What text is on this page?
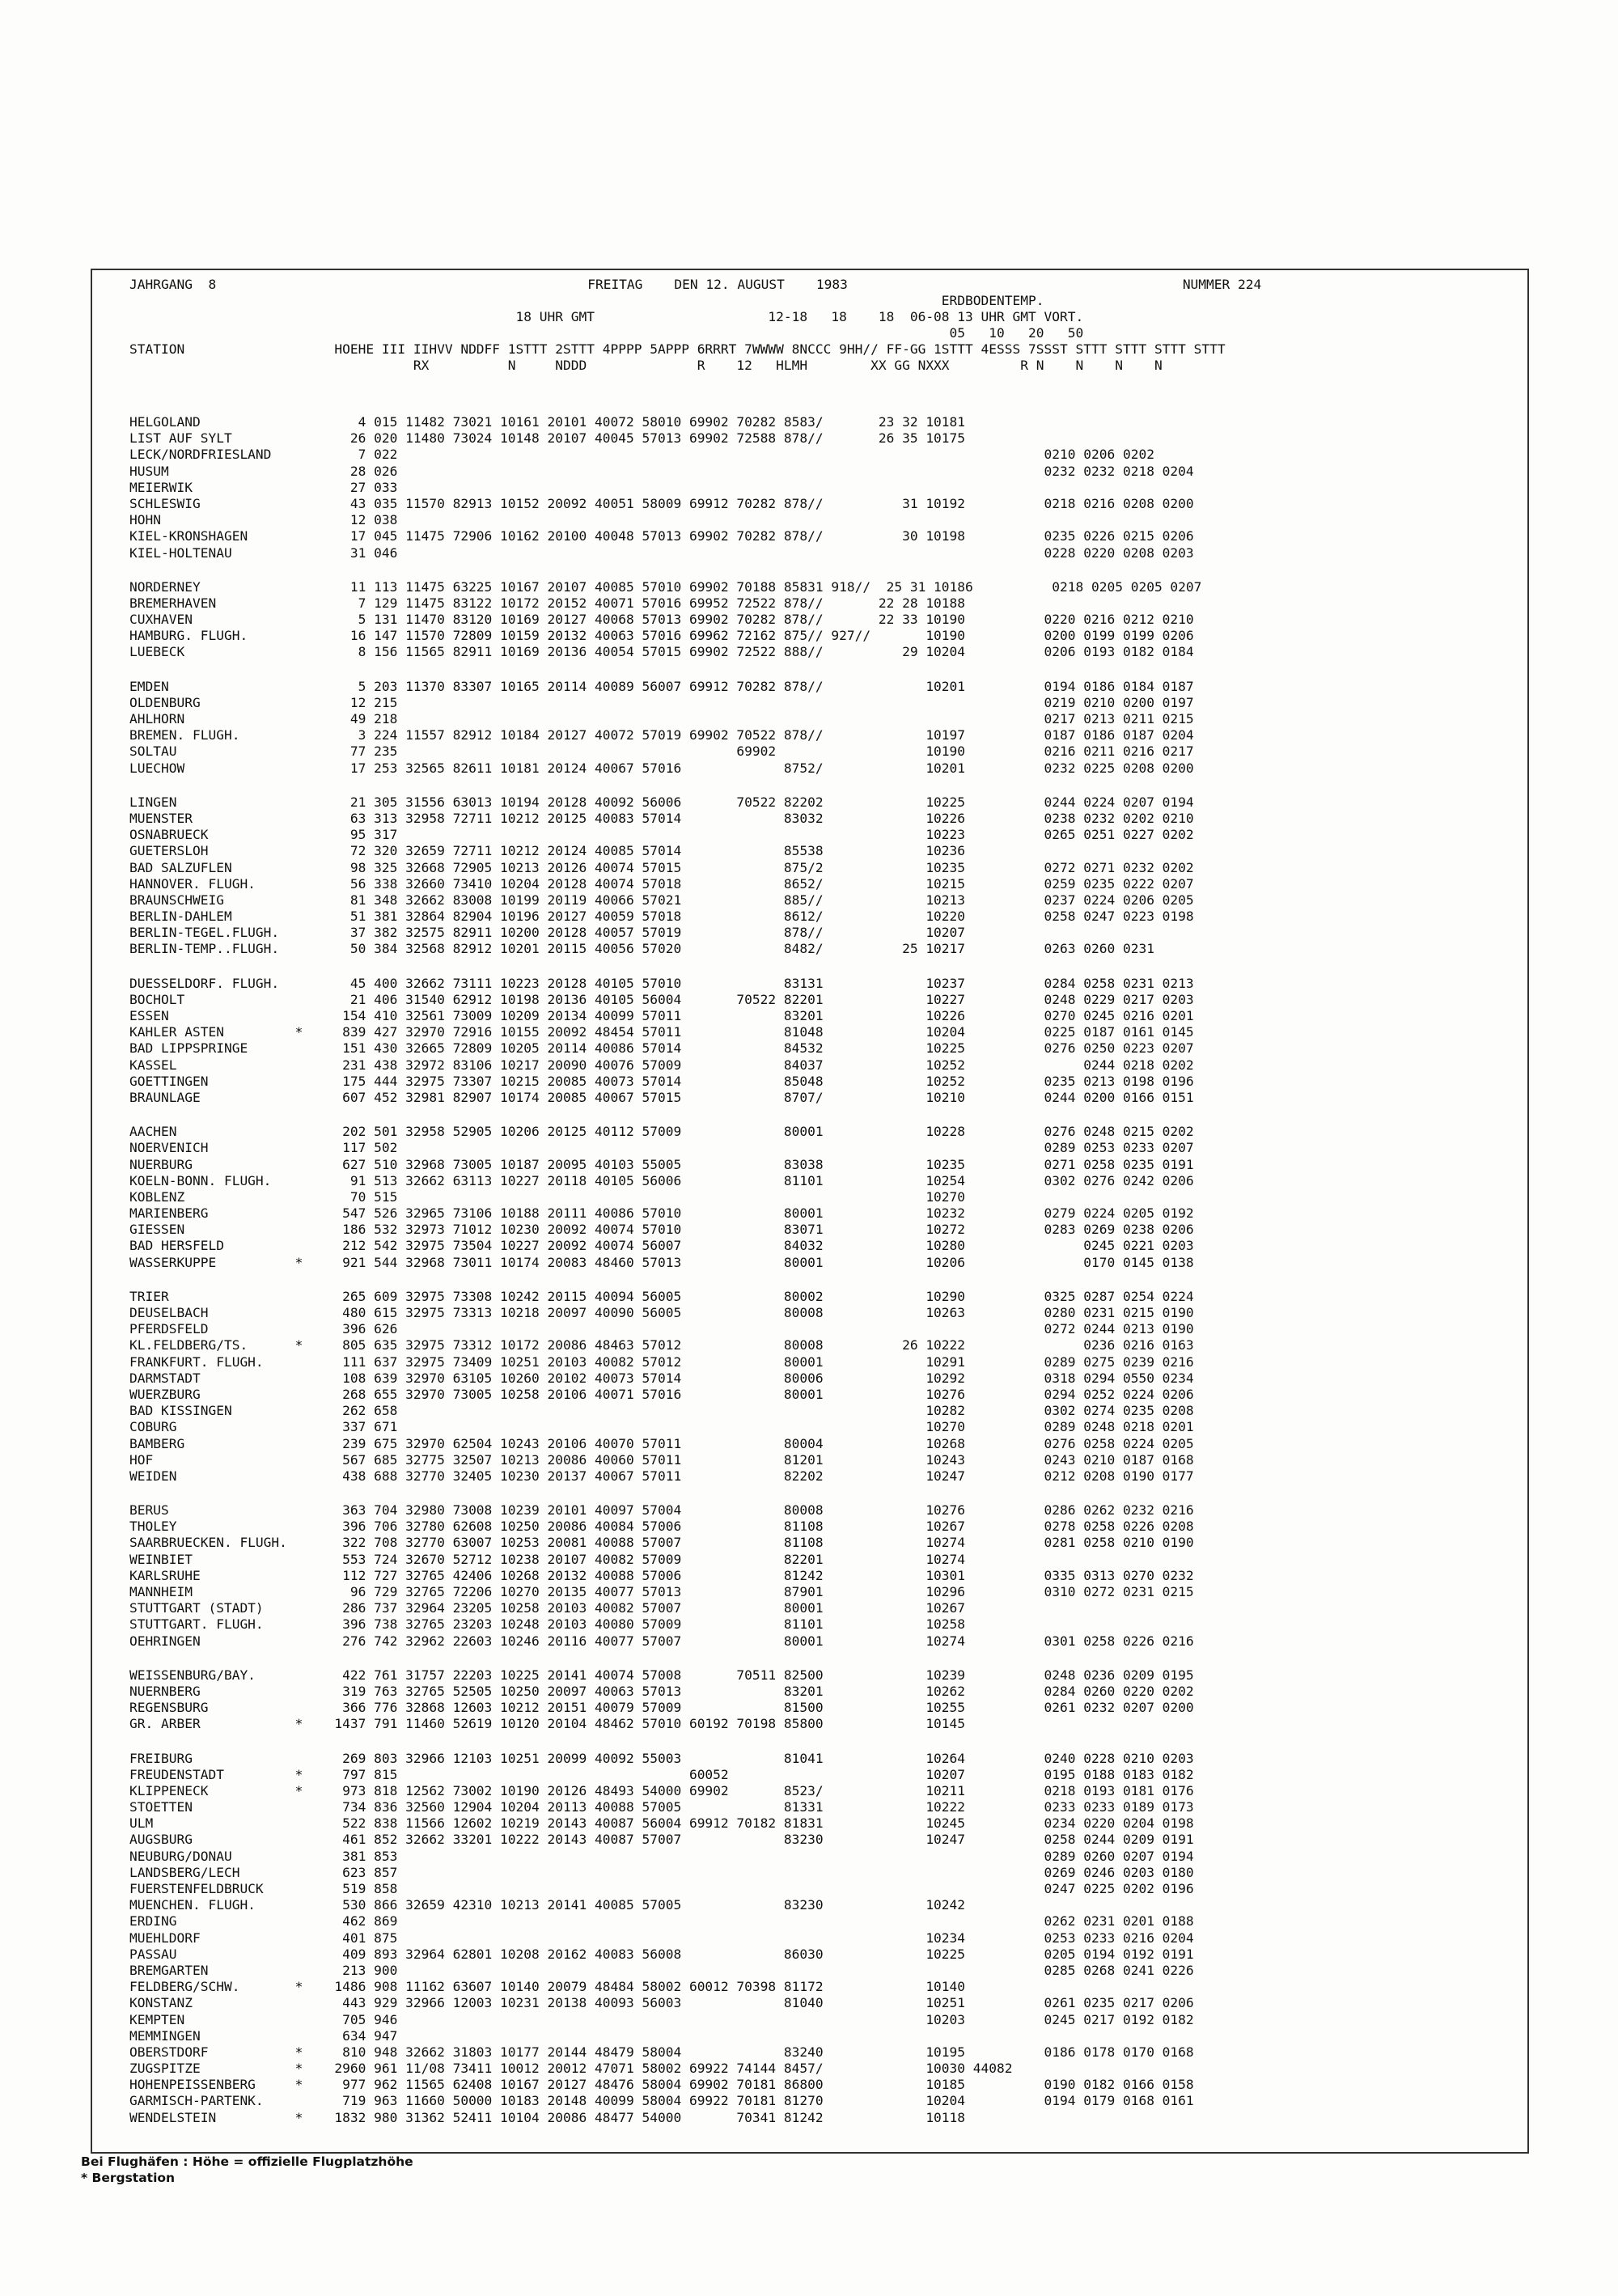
JAHRGANG  8	FREITAG    DEN 12. AUGUST    1983	NUMMER 224
ERDBODENTEMP.
18 UHR GMT                      12-18   18    18  06-08 13 UHR GMT VORT.
05   10   20   50
STATION                   HOEHE III IIHVV NDDFF 1STTT 2STTT 4PPPP 5APPP 6RRRT 7WWWW 8NCCC 9HH// FF-GG 1STTT 4ESSS 7SSST STTT STTT STTT STTT
RX          N     NDDD              R    12   HLMH        XX GG NXXX         R N    N    N    N
HELGOLAND                    4 015 11482 73021 10161 20101 40072 58010 69902 70282 8583/       23 32 10181
LIST AUF SYLT               26 020 11480 73024 10148 20107 40045 57013 69902 72588 878//       26 35 10175
LECK/NORDFRIESLAND           7 022                                                                                  0210 0206 0202
HUSUM                       28 026                                                                                  0232 0232 0218 0204
MEIERWIK                    27 033
SCHLESWIG                   43 035 11570 82913 10152 20092 40051 58009 69912 70282 878//          31 10192          0218 0216 0208 0200
HOHN                        12 038
KIEL-KRONSHAGEN             17 045 11475 72906 10162 20100 40048 57013 69902 70282 878//          30 10198          0235 0226 0215 0206
KIEL-HOLTENAU               31 046                                                                                  0228 0220 0208 0203
NORDERNEY                   11 113 11475 63225 10167 20107 40085 57010 69902 70188 85831 918//  25 31 10186          0218 0205 0205 0207
BREMERHAVEN                  7 129 11475 83122 10172 20152 40071 57016 69952 72522 878//       22 28 10188
CUXHAVEN                     5 131 11470 83120 10169 20127 40068 57013 69902 70282 878//       22 33 10190          0220 0216 0212 0210
HAMBURG. FLUGH.             16 147 11570 72809 10159 20132 40063 57016 69962 72162 875// 927//       10190          0200 0199 0199 0206
LUEBECK                      8 156 11565 82911 10169 20136 40054 57015 69902 72522 888//          29 10204          0206 0193 0182 0184
EMDEN                        5 203 11370 83307 10165 20114 40089 56007 69912 70282 878//             10201          0194 0186 0184 0187
OLDENBURG                   12 215                                                                                  0219 0210 0200 0197
AHLHORN                     49 218                                                                                  0217 0213 0211 0215
BREMEN. FLUGH.               3 224 11557 82912 10184 20127 40072 57019 69902 70522 878//             10197          0187 0186 0187 0204
SOLTAU                      77 235                                           69902                   10190          0216 0211 0216 0217
LUECHOW                     17 253 32565 82611 10181 20124 40067 57016             8752/             10201          0232 0225 0208 0200
LINGEN                      21 305 31556 63013 10194 20128 40092 56006       70522 82202             10225          0244 0224 0207 0194
MUENSTER                    63 313 32958 72711 10212 20125 40083 57014             83032             10226          0238 0232 0202 0210
OSNABRUECK                  95 317                                                                   10223          0265 0251 0227 0202
GUETERSLOH                  72 320 32659 72711 10212 20124 40085 57014             85538             10236
BAD SALZUFLEN               98 325 32668 72905 10213 20126 40074 57015             875/2             10235          0272 0271 0232 0202
HANNOVER. FLUGH.            56 338 32660 73410 10204 20128 40074 57018             8652/             10215          0259 0235 0222 0207
BRAUNSCHWEIG                81 348 32662 83008 10199 20119 40066 57021             885//             10213          0237 0224 0206 0205
BERLIN-DAHLEM               51 381 32864 82904 10196 20127 40059 57018             8612/             10220          0258 0247 0223 0198
BERLIN-TEGEL.FLUGH.         37 382 32575 82911 10200 20128 40057 57019             878//             10207
BERLIN-TEMP..FLUGH.         50 384 32568 82912 10201 20115 40056 57020             8482/          25 10217          0263 0260 0231
DUESSELDORF. FLUGH.         45 400 32662 73111 10223 20128 40105 57010             83131             10237          0284 0258 0231 0213
BOCHOLT                     21 406 31540 62912 10198 20136 40105 56004       70522 82201             10227          0248 0229 0217 0203
ESSEN                      154 410 32561 73009 10209 20134 40099 57011             83201             10226          0270 0245 0216 0201
KAHLER ASTEN         *     839 427 32970 72916 10155 20092 48454 57011             81048             10204          0225 0187 0161 0145
BAD LIPPSPRINGE            151 430 32665 72809 10205 20114 40086 57014             84532             10225          0276 0250 0223 0207
KASSEL                     231 438 32972 83106 10217 20090 40076 57009             84037             10252               0244 0218 0202
GOETTINGEN                 175 444 32975 73307 10215 20085 40073 57014             85048             10252          0235 0213 0198 0196
BRAUNLAGE                  607 452 32981 82907 10174 20085 40067 57015             8707/             10210          0244 0200 0166 0151
AACHEN                     202 501 32958 52905 10206 20125 40112 57009             80001             10228          0276 0248 0215 0202
NOERVENICH                 117 502                                                                                  0289 0253 0233 0207
NUERBURG                   627 510 32968 73005 10187 20095 40103 55005             83038             10235          0271 0258 0235 0191
KOELN-BONN. FLUGH.          91 513 32662 63113 10227 20118 40105 56006             81101             10254          0302 0276 0242 0206
KOBLENZ                     70 515                                                                   10270
MARIENBERG                 547 526 32965 73106 10188 20111 40086 57010             80001             10232          0279 0224 0205 0192
GIESSEN                    186 532 32973 71012 10230 20092 40074 57010             83071             10272          0283 0269 0238 0206
BAD HERSFELD               212 542 32975 73504 10227 20092 40074 56007             84032             10280               0245 0221 0203
WASSERKUPPE          *     921 544 32968 73011 10174 20083 48460 57013             80001             10206               0170 0145 0138
TRIER                      265 609 32975 73308 10242 20115 40094 56005             80002             10290          0325 0287 0254 0224
DEUSELBACH                 480 615 32975 73313 10218 20097 40090 56005             80008             10263          0280 0231 0215 0190
PFERDSFELD                 396 626                                                                                  0272 0244 0213 0190
KL.FELDBERG/TS.      *     805 635 32975 73312 10172 20086 48463 57012             80008          26 10222               0236 0216 0163
FRANKFURT. FLUGH.          111 637 32975 73409 10251 20103 40082 57012             80001             10291          0289 0275 0239 0216
DARMSTADT                  108 639 32970 63105 10260 20102 40073 57014             80006             10292          0318 0294 0550 0234
WUERZBURG                  268 655 32970 73005 10258 20106 40071 57016             80001             10276          0294 0252 0224 0206
BAD KISSINGEN              262 658                                                                   10282          0302 0274 0235 0208
COBURG                     337 671                                                                   10270          0289 0248 0218 0201
BAMBERG                    239 675 32970 62504 10243 20106 40070 57011             80004             10268          0276 0258 0224 0205
HOF                        567 685 32775 32507 10213 20086 40060 57011             81201             10243          0243 0210 0187 0168
WEIDEN                     438 688 32770 32405 10230 20137 40067 57011             82202             10247          0212 0208 0190 0177
BERUS                      363 704 32980 73008 10239 20101 40097 57004             80008             10276          0286 0262 0232 0216
THOLEY                     396 706 32780 62608 10250 20086 40084 57006             81108             10267          0278 0258 0226 0208
SAARBRUECKEN. FLUGH.       322 708 32770 63007 10253 20081 40088 57007             81108             10274          0281 0258 0210 0190
WEINBIET                   553 724 32670 52712 10238 20107 40082 57009             82201             10274
KARLSRUHE                  112 727 32765 42406 10268 20132 40088 57006             81242             10301          0335 0313 0270 0232
MANNHEIM                    96 729 32765 72206 10270 20135 40077 57013             87901             10296          0310 0272 0231 0215
STUTTGART (STADT)          286 737 32964 23205 10258 20103 40082 57007             80001             10267
STUTTGART. FLUGH.          396 738 32765 23203 10248 20103 40080 57009             81101             10258
OEHRINGEN                  276 742 32962 22603 10246 20116 40077 57007             80001             10274          0301 0258 0226 0216
WEISSENBURG/BAY.           422 761 31757 22203 10225 20141 40074 57008       70511 82500             10239          0248 0236 0209 0195
NUERNBERG                  319 763 32765 52505 10250 20097 40063 57013             83201             10262          0284 0260 0220 0202
REGENSBURG                 366 776 32868 12603 10212 20151 40079 57009             81500             10255          0261 0232 0207 0200
GR. ARBER            *    1437 791 11460 52619 10120 20104 48462 57010 60192 70198 85800             10145
FREIBURG                   269 803 32966 12103 10251 20099 40092 55003             81041             10264          0240 0228 0210 0203
FREUDENSTADT         *     797 815                                     60052                         10207          0195 0188 0183 0182
KLIPPENECK           *     973 818 12562 73002 10190 20126 48493 54000 69902       8523/             10211          0218 0193 0181 0176
STOETTEN                   734 836 32560 12904 10204 20113 40088 57005             81331             10222          0233 0233 0189 0173
ULM                        522 838 11566 12602 10219 20143 40087 56004 69912 70182 81831             10245          0234 0220 0204 0198
AUGSBURG                   461 852 32662 33201 10222 20143 40087 57007             83230             10247          0258 0244 0209 0191
NEUBURG/DONAU              381 853                                                                                  0289 0260 0207 0194
LANDSBERG/LECH             623 857                                                                                  0269 0246 0203 0180
FUERSTENFELDBRUCK          519 858                                                                                  0247 0225 0202 0196
MUENCHEN. FLUGH.           530 866 32659 42310 10213 20141 40085 57005             83230             10242
ERDING                     462 869                                                                                  0262 0231 0201 0188
MUEHLDORF                  401 875                                                                   10234          0253 0233 0216 0204
PASSAU                     409 893 32964 62801 10208 20162 40083 56008             86030             10225          0205 0194 0192 0191
BREMGARTEN                 213 900                                                                                  0285 0268 0241 0226
FELDBERG/SCHW.       *    1486 908 11162 63607 10140 20079 48484 58002 60012 70398 81172             10140
KONSTANZ                   443 929 32966 12003 10231 20138 40093 56003             81040             10251          0261 0235 0217 0206
KEMPTEN                    705 946                                                                   10203          0245 0217 0192 0182
MEMMINGEN                  634 947
OBERSTDORF           *     810 948 32662 31803 10177 20144 48479 58004             83240             10195          0186 0178 0170 0168
ZUGSPITZE            *    2960 961 11/08 73411 10012 20012 47071 58002 69922 74144 8457/             10030 44082
HOHENPEISSENBERG     *     977 962 11565 62408 10167 20127 48476 58004 69902 70181 86800             10185          0190 0182 0166 0158
GARMISCH-PARTENK.          719 963 11660 50000 10183 20148 40099 58004 69922 70181 81270             10204          0194 0179 0168 0161
WENDELSTEIN          *    1832 980 31362 52411 10104 20086 48477 54000       70341 81242             10118
Bei Flughäfen : Höhe = offizielle Flugplatzhöhe
* Bergstation
